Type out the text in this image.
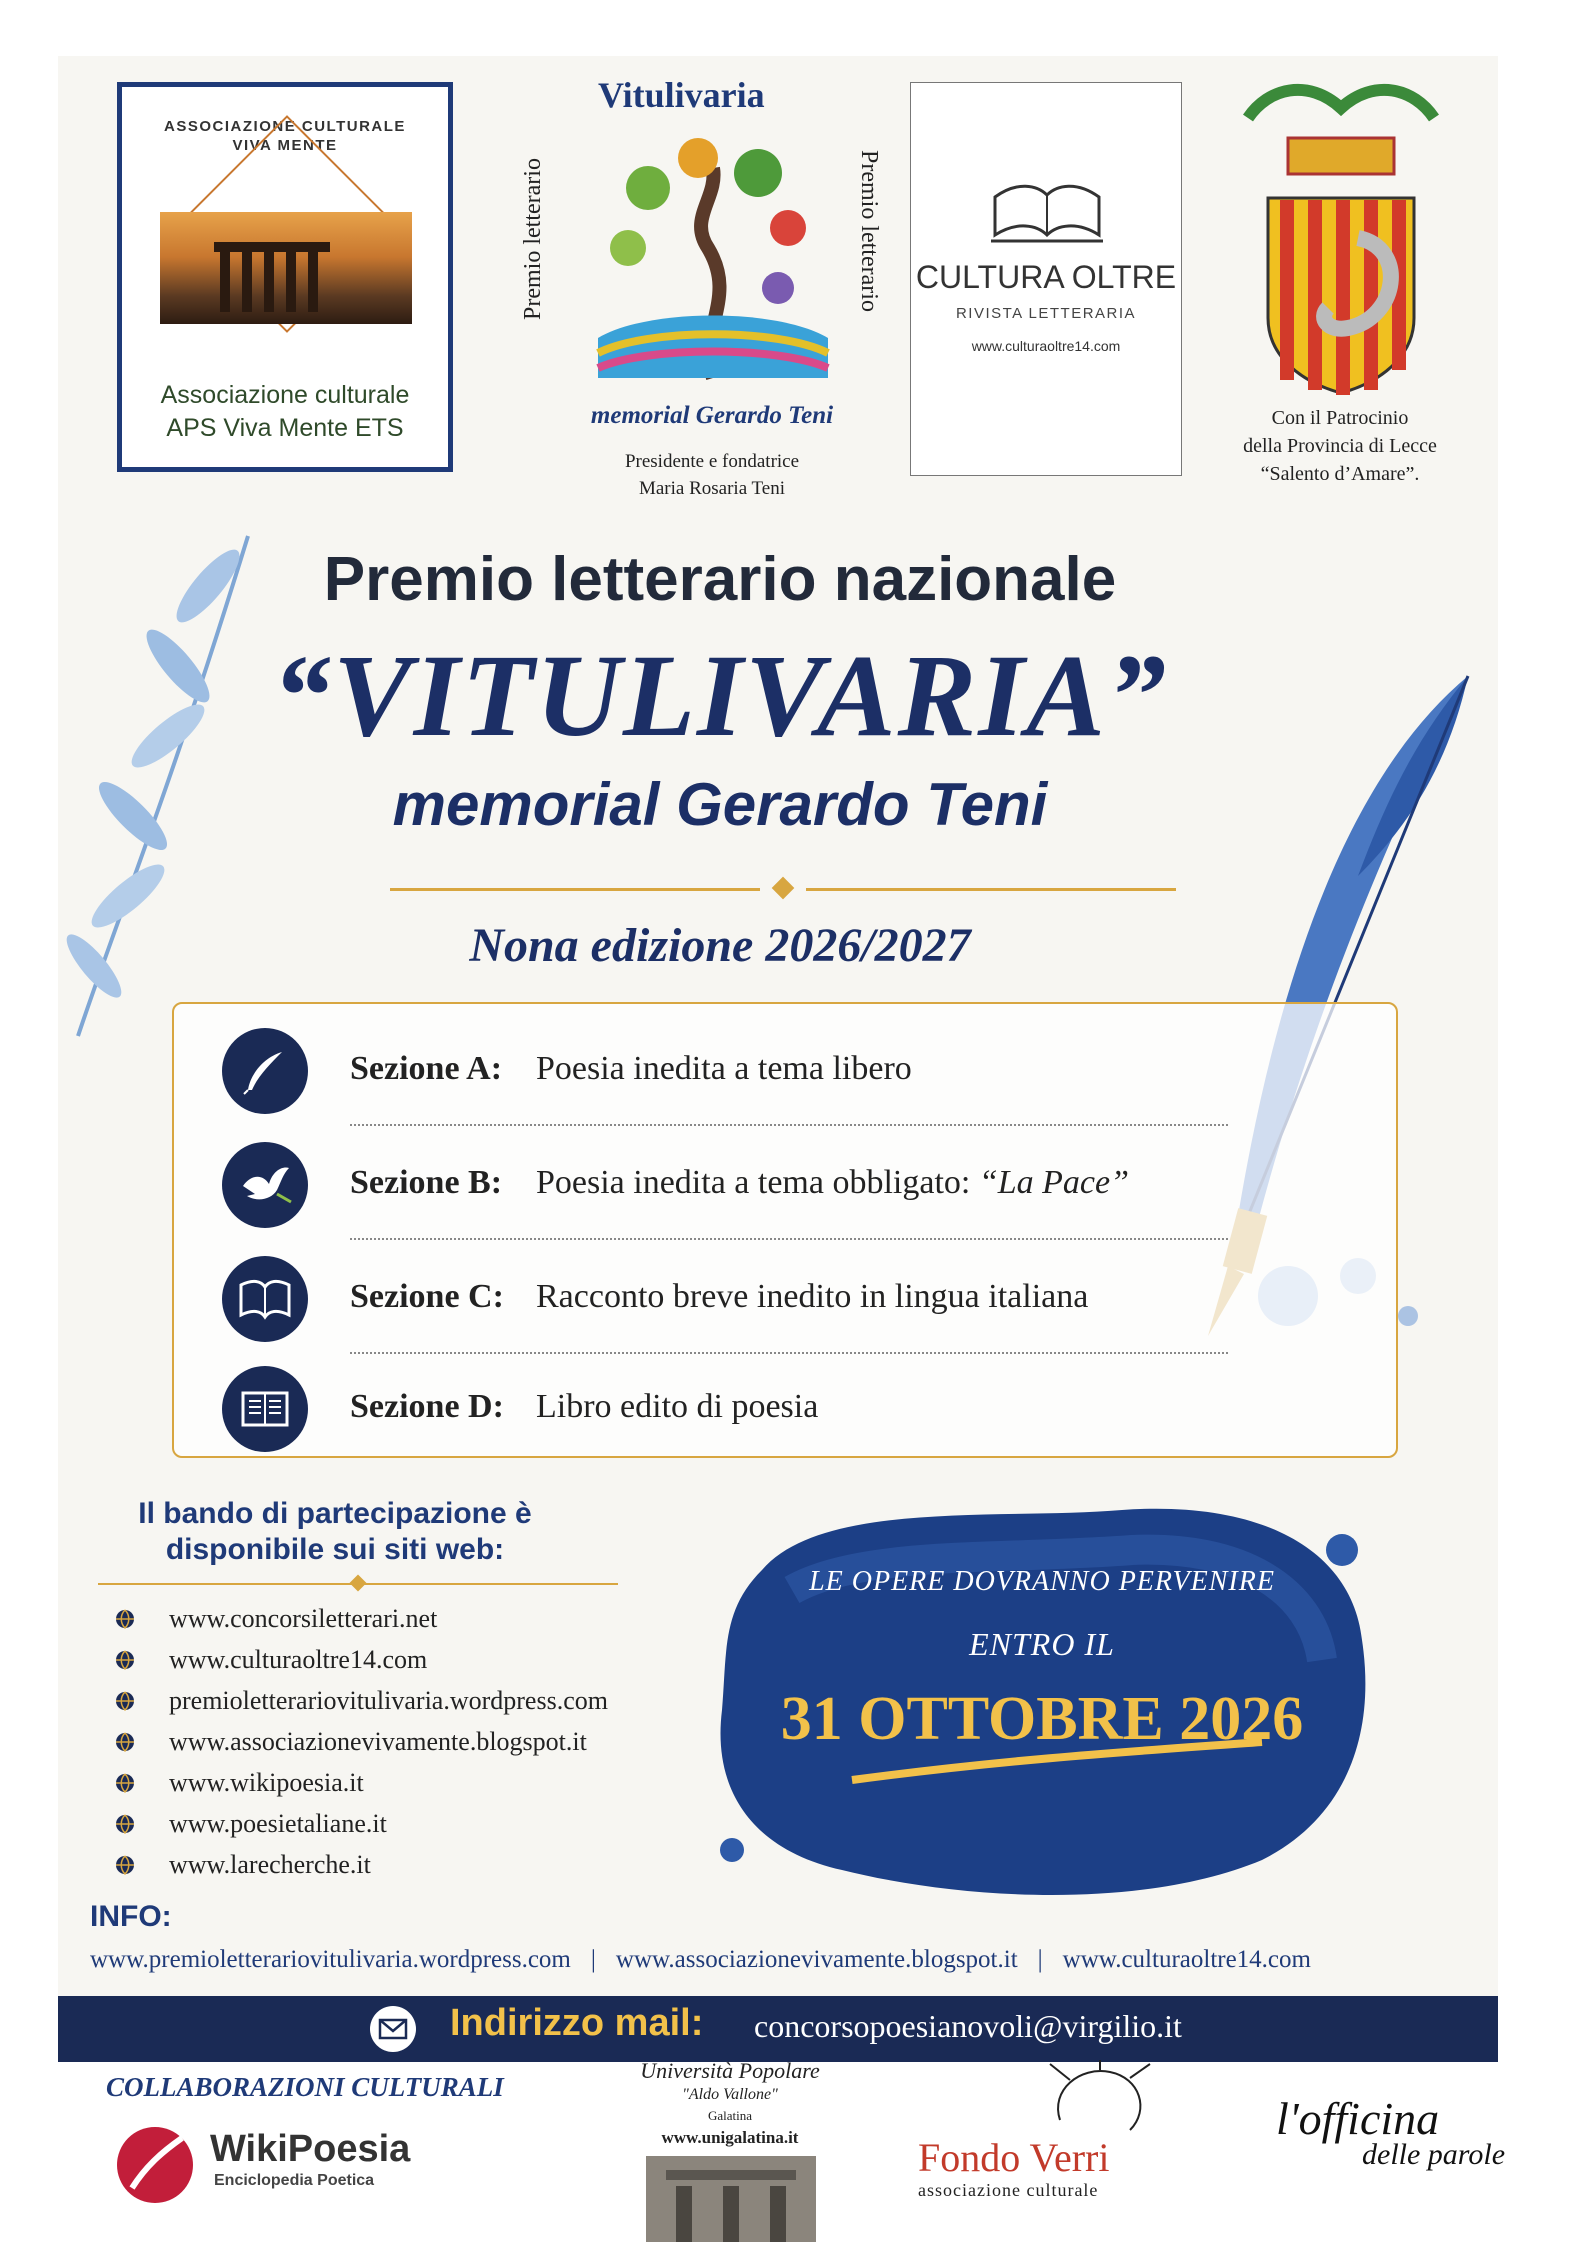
ASSOCIAZIONE CULTURALE
VIVA MENTE
Associazione culturale
APS Viva Mente ETS
Vitulivaria
Premio letterario	Premio letterario
memorial Gerardo Teni
Presidente e fondatrice
Maria Rosaria Teni
CULTURA OLTRE
RIVISTA LETTERARIA
www.culturaoltre14.com
Con il Patrocinio
della Provincia di Lecce
“Salento d’Amare”.
Premio letterario nazionale
“VITULIVARIA”
memorial Gerardo Teni
Nona edizione 2026/2027
Sezione A: Poesia inedita a tema libero
Sezione B: Poesia inedita a tema obbligato: “La Pace”
Sezione C: Racconto breve inedito in lingua italiana
Sezione D: Libro edito di poesia
Il bando di partecipazione è
disponibile sui siti web:
www.concorsiletterari.net
www.culturaoltre14.com
premioletterariovitulivaria.wordpress.com
www.associazionevivamente.blogspot.it
www.wikipoesia.it
www.poesietaliane.it
www.larecherche.it
LE OPERE DOVRANNO PERVENIRE
ENTRO IL
31 OTTOBRE 2026
INFO:
www.premioletterariovitulivaria.wordpress.com | www.associazionevivamente.blogspot.it | www.culturaoltre14.com
Indirizzo mail: concorsopoesianovoli@virgilio.it
COLLABORAZIONI CULTURALI
WikiPoesia
Enciclopedia Poetica
Università Popolare
"Aldo Vallone"
Galatina
www.unigalatina.it	Fondo Verri
associazione culturale
l'officina
delle parole
